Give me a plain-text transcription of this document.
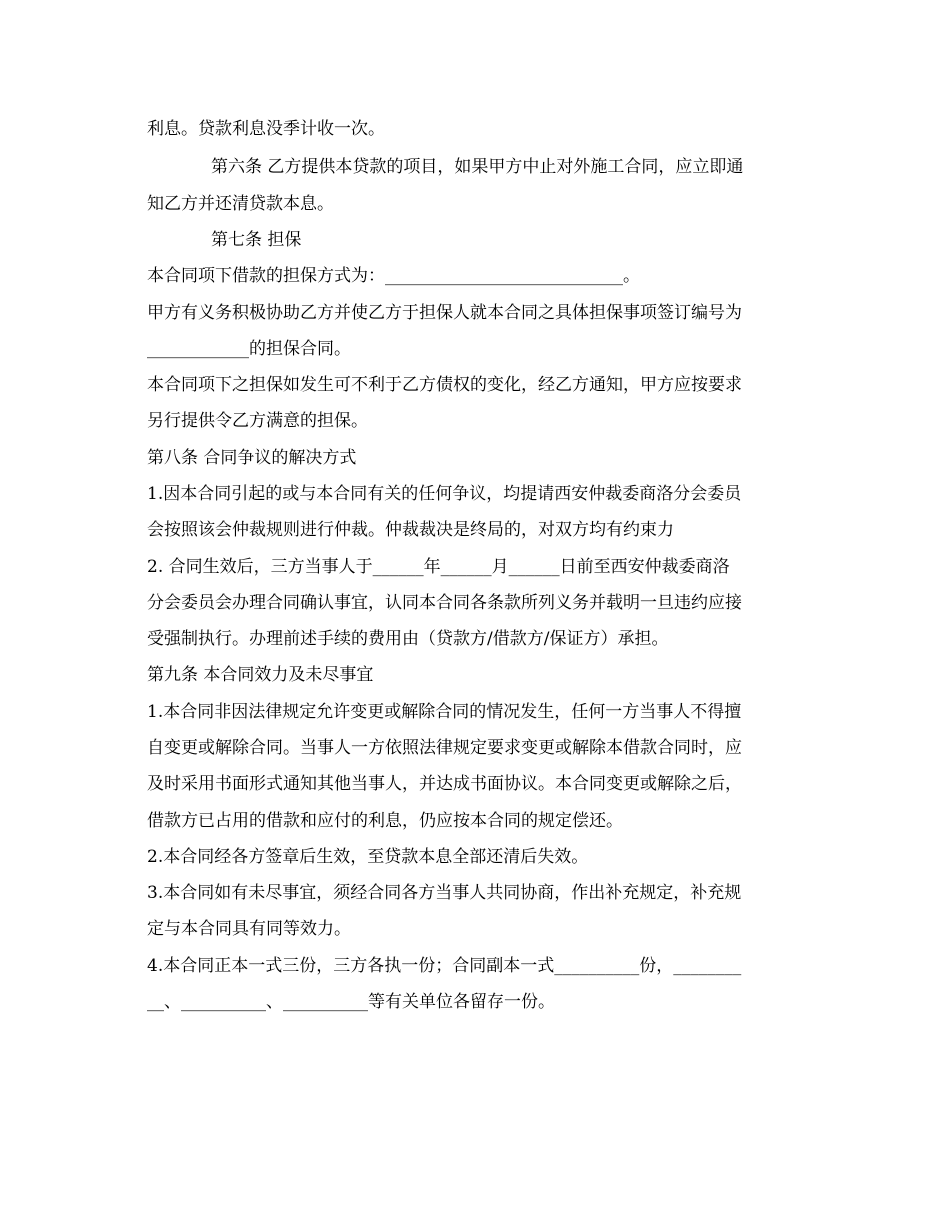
利息。贷款利息没季计收一次。
第六条 乙方提供本贷款的项目，如果甲方中止对外施工合同，应立即通
知乙方并还清贷款本息。
第七条 担保
本合同项下借款的担保方式为：____________________________。
甲方有义务积极协助乙方并使乙方于担保人就本合同之具体担保事项签订编号为
____________的担保合同。
本合同项下之担保如发生可不利于乙方债权的变化，经乙方通知，甲方应按要求
另行提供令乙方满意的担保。
第八条 合同争议的解决方式
1.因本合同引起的或与本合同有关的任何争议，均提请西安仲裁委商洛分会委员
会按照该会仲裁规则进行仲裁。仲裁裁决是终局的，对双方均有约束力
2. 合同生效后，三方当事人于______年______月______日前至西安仲裁委商洛
分会委员会办理合同确认事宜，认同本合同各条款所列义务并载明一旦违约应接
受强制执行。办理前述手续的费用由（贷款方/借款方/保证方）承担。
第九条 本合同效力及未尽事宜
1.本合同非因法律规定允许变更或解除合同的情况发生，任何一方当事人不得擅
自变更或解除合同。当事人一方依照法律规定要求变更或解除本借款合同时，应
及时采用书面形式通知其他当事人，并达成书面协议。本合同变更或解除之后，
借款方已占用的借款和应付的利息，仍应按本合同的规定偿还。
2.本合同经各方签章后生效，至贷款本息全部还清后失效。
3.本合同如有未尽事宜，须经合同各方当事人共同协商，作出补充规定，补充规
定与本合同具有同等效力。
4.本合同正本一式三份，三方各执一份；合同副本一式__________份，________
__、__________、__________等有关单位各留存一份。
